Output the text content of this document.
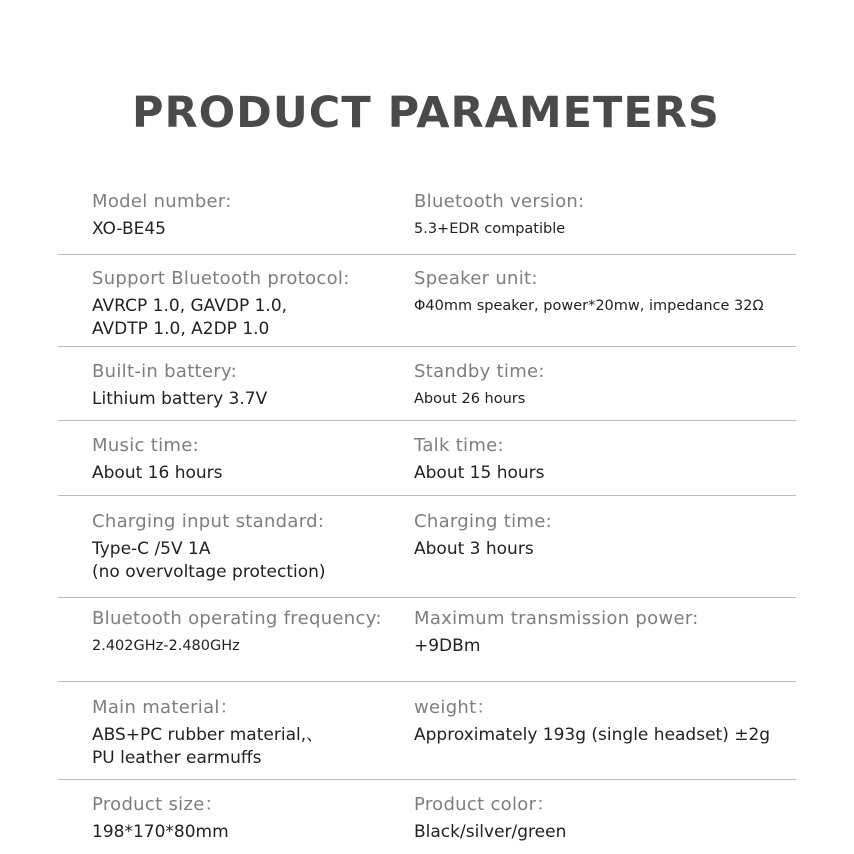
PRODUCT PARAMETERS
Model number:
XO-BE45
Bluetooth version:
5.3+EDR compatible
Support Bluetooth protocol:
AVRCP 1.0, GAVDP 1.0,
AVDTP 1.0, A2DP 1.0
Speaker unit:
Φ40mm speaker, power*20mw, impedance 32Ω
Built-in battery:
Lithium battery 3.7V
Standby time:
About 26 hours
Music time:
About 16 hours
Talk time:
About 15 hours
Charging input standard:
Type-C /5V 1A
(no overvoltage protection)
Charging time:
About 3 hours
Bluetooth operating frequency:
2.402GHz-2.480GHz
Maximum transmission power:
+9DBm
Main material：
ABS+PC rubber material,、
PU leather earmuffs
weight：
Approximately 193g (single headset) ±2g
Product size：
198*170*80mm
Product color：
Black/silver/green
